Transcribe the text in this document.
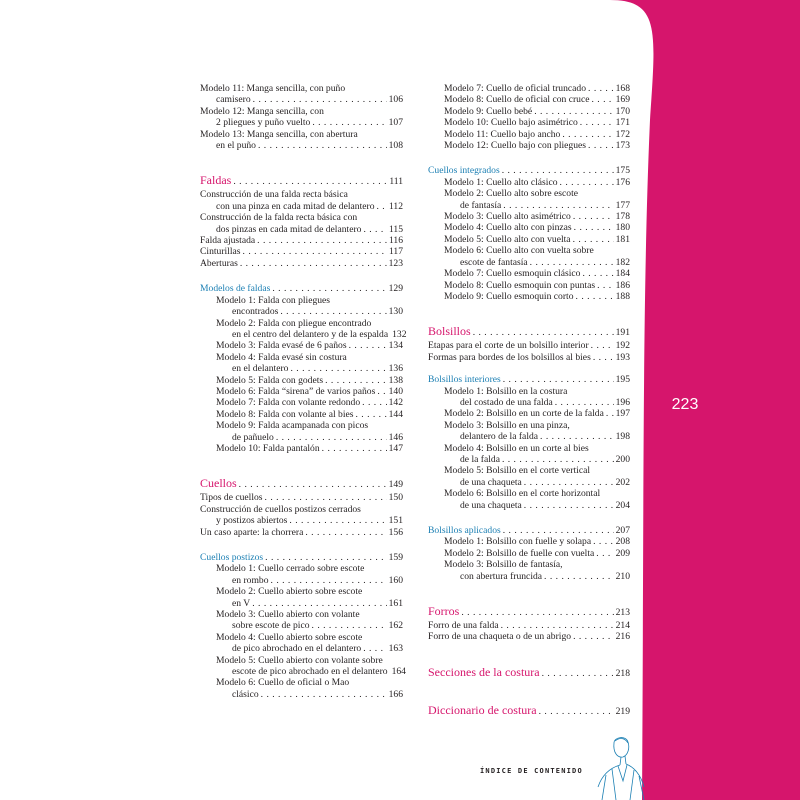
223
Modelo 11: Manga sencilla, con puño
camisero . . .	106
Modelo 12: Manga sencilla, con
2 pliegues y puño vuelto . . .	107
Modelo 13: Manga sencilla, con abertura
en el puño . . .	108
Faldas . . .	111
Construcción de una falda recta básica
con una pinza en cada mitad de delantero . . . 112
Construcción de la falda recta básica con
dos pinzas en cada mitad de delantero . . .	115
Falda ajustada . . .	116
Cinturillas . . .	117
Aberturas . . .	123
Modelos de faldas . . .	129
Modelo 1: Falda con pliegues
encontrados . . .	130
Modelo 2: Falda con pliegue encontrado
en el centro del delantero y de la espalda 132
Modelo 3: Falda evasé de 6 paños . . .	134
Modelo 4: Falda evasé sin costura
en el delantero . . .	136
Modelo 5: Falda con godets . . .	138
Modelo 6: Falda “sirena” de varios paños . . . 140
Modelo 7: Falda con volante redondo . . .	142
Modelo 8: Falda con volante al bies . . .	144
Modelo 9: Falda acampanada con picos
de pañuelo . . .	146
Modelo 10: Falda pantalón . . .	147
Cuellos . . .	149
Tipos de cuellos . . .	150
Construcción de cuellos postizos cerrados
y postizos abiertos . . .	151
Un caso aparte: la chorrera . . .	156
Cuellos postizos . . .	159
Modelo 1: Cuello cerrado sobre escote
en rombo . . .	160
Modelo 2: Cuello abierto sobre escote
en V . . .	161
Modelo 3: Cuello abierto con volante
sobre escote de pico . . .	162
Modelo 4: Cuello abierto sobre escote
de pico abrochado en el delantero . . .	163
Modelo 5: Cuello abierto con volante sobre
escote de pico abrochado en el delantero 164
Modelo 6: Cuello de oficial o Mao
clásico . . .	166
Modelo 7: Cuello de oficial truncado . . .	168
Modelo 8: Cuello de oficial con cruce . . .	169
Modelo 9: Cuello bebé . . .	170
Modelo 10: Cuello bajo asimétrico . . .	171
Modelo 11: Cuello bajo ancho . . .	172
Modelo 12: Cuello bajo con pliegues . . .	173
Cuellos integrados . . .	175
Modelo 1: Cuello alto clásico . . .	176
Modelo 2: Cuello alto sobre escote
de fantasía . . .	177
Modelo 3: Cuello alto asimétrico . . .	178
Modelo 4: Cuello alto con pinzas . . .	180
Modelo 5: Cuello alto con vuelta . . .	181
Modelo 6: Cuello alto con vuelta sobre
escote de fantasía . . .	182
Modelo 7: Cuello esmoquin clásico . . .	184
Modelo 8: Cuello esmoquin con puntas . . . 186
Modelo 9: Cuello esmoquin corto . . .	188
Bolsillos . . .	191
Etapas para el corte de un bolsillo interior . . .	192
Formas para bordes de los bolsillos al bies . . .	193
Bolsillos interiores . . .	195
Modelo 1: Bolsillo en la costura
del costado de una falda . . .	196
Modelo 2: Bolsillo en un corte de la falda . . . 197
Modelo 3: Bolsillo en una pinza,
delantero de la falda . . .	198
Modelo 4: Bolsillo en un corte al bies
de la falda . . .	200
Modelo 5: Bolsillo en el corte vertical
de una chaqueta . . .	202
Modelo 6: Bolsillo en el corte horizontal
de una chaqueta . . .	204
Bolsillos aplicados . . .	207
Modelo 1: Bolsillo con fuelle y solapa . . .	208
Modelo 2: Bolsillo de fuelle con vuelta . . . 209
Modelo 3: Bolsillo de fantasía,
con abertura fruncida . . .	210
Forros . . .	213
Forro de una falda . . .	214
Forro de una chaqueta o de un abrigo . . .	216
Secciones de la costura . . .	218
Diccionario de costura . . .	219
ÍNDICE DE CONTENIDO
